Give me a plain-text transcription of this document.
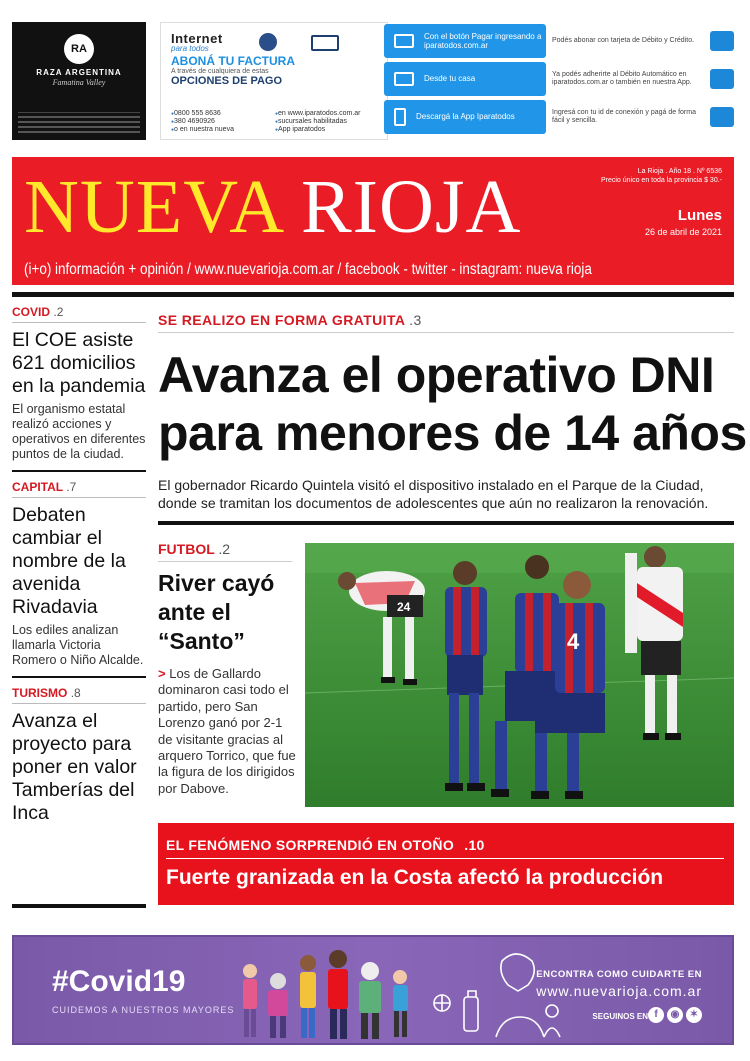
RA
RAZA ARGENTINA
Famatina Valley
Internet
para todos
ABONÁ TU FACTURA
A través de cualquiera de estas
OPCIONES DE PAGO
● 0800 555 8636	● en www.iparatodos.com.ar
● 380 4690926	● sucursales habilitadas
● o en nuestra nueva	● App iparatodos
Con el botón Pagar ingresando a iparatodos.com.ar
Desde tu casa
Descargá la App Iparatodos
Podés abonar con tarjeta de Débito y Crédito.
Ya podés adherirte al Débito Automático en iparatodos.com.ar o también en nuestra App.
Ingresá con tu id de conexión y pagá de forma fácil y sencilla.
NUEVA RIOJA	La Rioja . Año 18 . Nº 6536
Precio único en toda la provincia $ 30.-
Lunes
26 de abril de 2021
(i+o) información + opinión / www.nuevarioja.com.ar / facebook - twitter - instagram: nueva rioja
COVID .2
El COE asiste 621 domicilios en la pandemia

El organismo estatal realizó acciones y operativos en diferentes puntos de la ciudad.

CAPITAL .7
Debaten cambiar el nombre de la avenida Rivadavia

Los ediles analizan llamarla Victoria Romero o Niño Alcalde.

TURISMO .8
Avanza el proyecto para poner en valor Tamberías del Inca
SE REALIZO EN FORMA GRATUITA .3
Avanza el operativo DNI
para menores de 14 años

El gobernador Ricardo Quintela visitó el dispositivo instalado en el Parque de la Ciudad, donde se tramitan los documentos de adolescentes que aún no realizaron la renovación.

FUTBOL .2
River cayó ante el “Santo”

> Los de Gallardo dominaron casi todo el partido, pero San Lorenzo ganó por 2-1 de visitante gracias al arquero Torrico, que fue la figura de los dirigidos por Dabove.

24
4
EL FENÓMENO SORPRENDIÓ EN OTOÑO .10
Fuerte granizada en la Costa afectó la producción
#Covid19
CUIDEMOS A NUESTROS MAYORES
ENCONTRA COMO CUIDARTE EN
www.nuevarioja.com.ar
SEGUINOS EN f	◉	✶
